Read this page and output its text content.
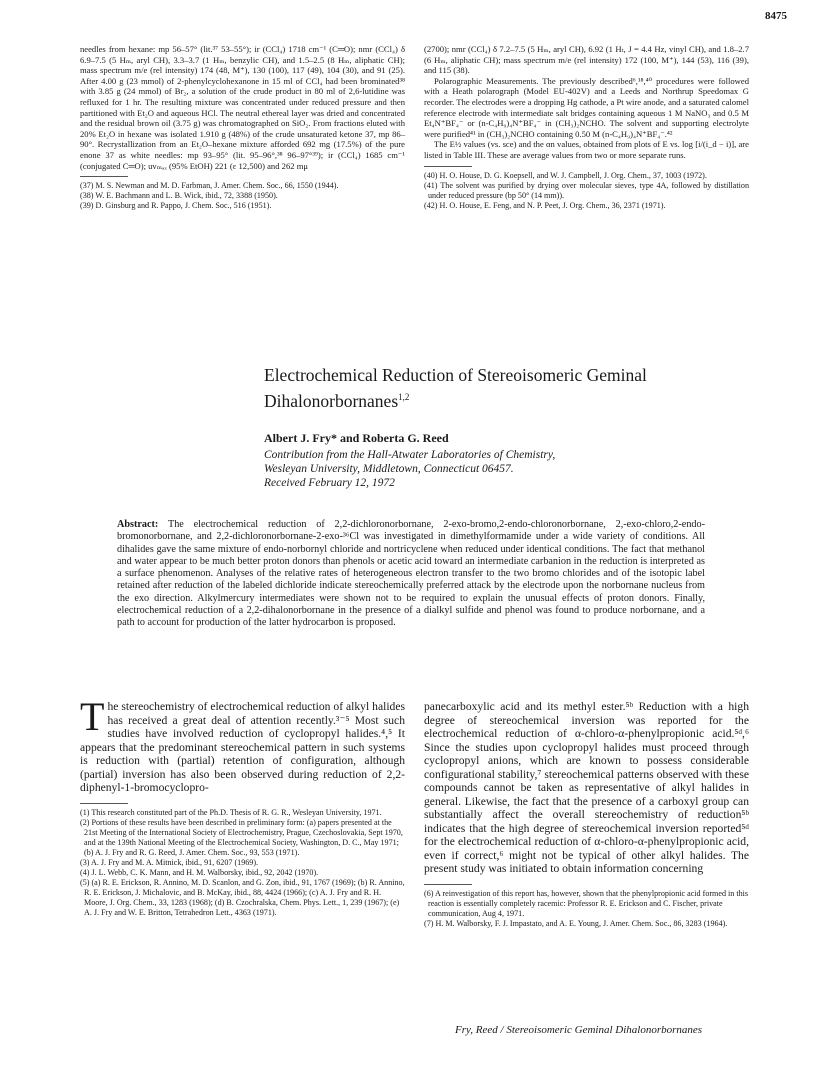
8475

needles from hexane: mp 56–57° (lit.³⁷ 53–55°); ir (CCl₄) 1718 cm⁻¹ (C═O); nmr (CCl₄) δ 6.9–7.5 (5 Hₘ, aryl CH), 3.3–3.7 (1 Hₘ, benzylic CH), and 1.5–2.5 (8 Hₘ, aliphatic CH); mass spectrum m/e (rel intensity) 174 (48, M⁺), 130 (100), 117 (49), 104 (30), and 91 (25). After 4.00 g (23 mmol) of 2-phenylcyclohexanone in 15 ml of CCl₄ had been brominated³⁸ with 3.85 g (24 mmol) of Br₂, a solution of the crude product in 80 ml of 2,6-lutidine was refluxed for 1 hr. The resulting mixture was concentrated under reduced pressure and then partitioned with Et₂O and aqueous HCl. The neutral ethereal layer was dried and concentrated and the residual brown oil (3.75 g) was chromatographed on SiO₂. From fractions eluted with 20% Et₂O in hexane was isolated 1.910 g (48%) of the crude unsaturated ketone 37, mp 86–90°. Recrystallization from an Et₂O–hexane mixture afforded 692 mg (17.5%) of the pure enone 37 as white needles: mp 93–95° (lit. 95–96°,³⁸ 96–97°³⁹); ir (CCl₄) 1685 cm⁻¹ (conjugated C═O); uvₘₐₓ (95% EtOH) 221 (ε 12,500) and 262 mμ

(37) M. S. Newman and M. D. Farbman, J. Amer. Chem. Soc., 66, 1550 (1944).
(38) W. E. Bachmann and L. B. Wick, ibid., 72, 3388 (1950).
(39) D. Ginsburg and R. Pappo, J. Chem. Soc., 516 (1951).

(2700); nmr (CCl₄) δ 7.2–7.5 (5 Hₘ, aryl CH), 6.92 (1 Hₜ, J = 4.4 Hz, vinyl CH), and 1.8–2.7 (6 Hₘ, aliphatic CH); mass spectrum m/e (rel intensity) 172 (100, M⁺), 144 (53), 116 (39), and 115 (38).

Polarographic Measurements. The previously described⁶,¹⁸,⁴⁰ procedures were followed with a Heath polarograph (Model EU-402V) and a Leeds and Northrup Speedomax G recorder. The electrodes were a dropping Hg cathode, a Pt wire anode, and a saturated calomel reference electrode with intermediate salt bridges containing aqueous 1 M NaNO₃ and 0.5 M Et₄N⁺BF₄⁻ or (n-C₄H₉)₄N⁺BF₄⁻ in (CH₃)₂NCHO. The solvent and supporting electrolyte were purified⁴¹ in (CH₃)₂NCHO containing 0.50 M (n-C₄H₉)₄N⁺BF₄⁻.⁴²

The E½ values (vs. sce) and the αn values, obtained from plots of E vs. log [i/(i_d − i)], are listed in Table III. These are average values from two or more separate runs.

(40) H. O. House, D. G. Koepsell, and W. J. Campbell, J. Org. Chem., 37, 1003 (1972).
(41) The solvent was purified by drying over molecular sieves, type 4A, followed by distillation under reduced pressure (bp 50° (14 mm)).
(42) H. O. House, E. Feng, and N. P. Peet, J. Org. Chem., 36, 2371 (1971).
Electrochemical Reduction of Stereoisomeric Geminal Dihalonorbornanes$^{1,2}$
Albert J. Fry* and Roberta G. Reed
Contribution from the Hall-Atwater Laboratories of Chemistry,
Wesleyan University, Middletown, Connecticut 06457.
Received February 12, 1972
Abstract: The electrochemical reduction of 2,2-dichloronorbornane, 2-exo-bromo,2-endo-chloronorbornane, 2,-exo-chloro,2-endo-bromonorbornane, and 2,2-dichloronorbornane-2-exo-³⁶Cl was investigated in dimethylformamide under a wide variety of conditions. All dihalides gave the same mixture of endo-norbornyl chloride and nortricyclene when reduced under identical conditions. The fact that methanol and water appear to be much better proton donors than phenols or acetic acid toward an intermediate carbanion in the reduction is interpreted as a surface phenomenon. Analyses of the relative rates of heterogeneous electron transfer to the two bromo chlorides and of the isotopic label retained after reduction of the labeled dichloride indicate stereochemically preferred attack by the electrode upon the norbornane nucleus from the exo direction. Alkylmercury intermediates were shown not to be required to explain the unusual effects of proton donors. Finally, electrochemical reduction of a 2,2-dihalonorbornane in the presence of a dialkyl sulfide and phenol was found to produce norbornane, and a path to account for production of the latter hydrocarbon is proposed.
The stereochemistry of electrochemical reduction of alkyl halides has received a great deal of attention recently.³⁻⁵ Most such studies have involved reduction of cyclopropyl halides.⁴,⁵ It appears that the predominant stereochemical pattern in such systems is reduction with (partial) retention of configuration, although (partial) inversion has also been observed during reduction of 2,2-diphenyl-1-bromocyclopro-
(1) This research constituted part of the Ph.D. Thesis of R. G. R., Wesleyan University, 1971.
(2) Portions of these results have been described in preliminary form: (a) papers presented at the 21st Meeting of the International Society of Electrochemistry, Prague, Czechoslovakia, Sept 1970, and at the 139th National Meeting of the Electrochemical Society, Washington, D. C., May 1971; (b) A. J. Fry and R. G. Reed, J. Amer. Chem. Soc., 93, 553 (1971).
(3) A. J. Fry and M. A. Mitnick, ibid., 91, 6207 (1969).
(4) J. L. Webb, C. K. Mann, and H. M. Walborsky, ibid., 92, 2042 (1970).
(5) (a) R. E. Erickson, R. Annino, M. D. Scanlon, and G. Zon, ibid., 91, 1767 (1969); (b) R. Annino, R. E. Erickson, J. Michalovic, and B. McKay, ibid., 88, 4424 (1966); (c) A. J. Fry and R. H. Moore, J. Org. Chem., 33, 1283 (1968); (d) B. Czochralska, Chem. Phys. Lett., 1, 239 (1967); (e) A. J. Fry and W. E. Britton, Tetrahedron Lett., 4363 (1971).
panecarboxylic acid and its methyl ester.⁵ᵇ Reduction with a high degree of stereochemical inversion was reported for the electrochemical reduction of α-chloro-α-phenylpropionic acid.⁵ᵈ,⁶ Since the studies upon cyclopropyl halides must proceed through cyclopropyl anions, which are known to possess considerable configurational stability,⁷ stereochemical patterns observed with these compounds cannot be taken as representative of alkyl halides in general. Likewise, the fact that the presence of a carboxyl group can substantially affect the overall stereochemistry of reduction⁵ᵇ indicates that the high degree of stereochemical inversion reported⁵ᵈ for the electrochemical reduction of α-chloro-α-phenylpropionic acid, even if correct,⁶ might not be typical of other alkyl halides. The present study was initiated to obtain information concerning
(6) A reinvestigation of this report has, however, shown that the phenylpropionic acid formed in this reaction is essentially completely racemic: Professor R. E. Erickson and C. Fischer, private communication, Aug 4, 1971.
(7) H. M. Walborsky, F. J. Impastato, and A. E. Young, J. Amer. Chem. Soc., 86, 3283 (1964).
Fry, Reed / Stereoisomeric Geminal Dihalonorbornanes
